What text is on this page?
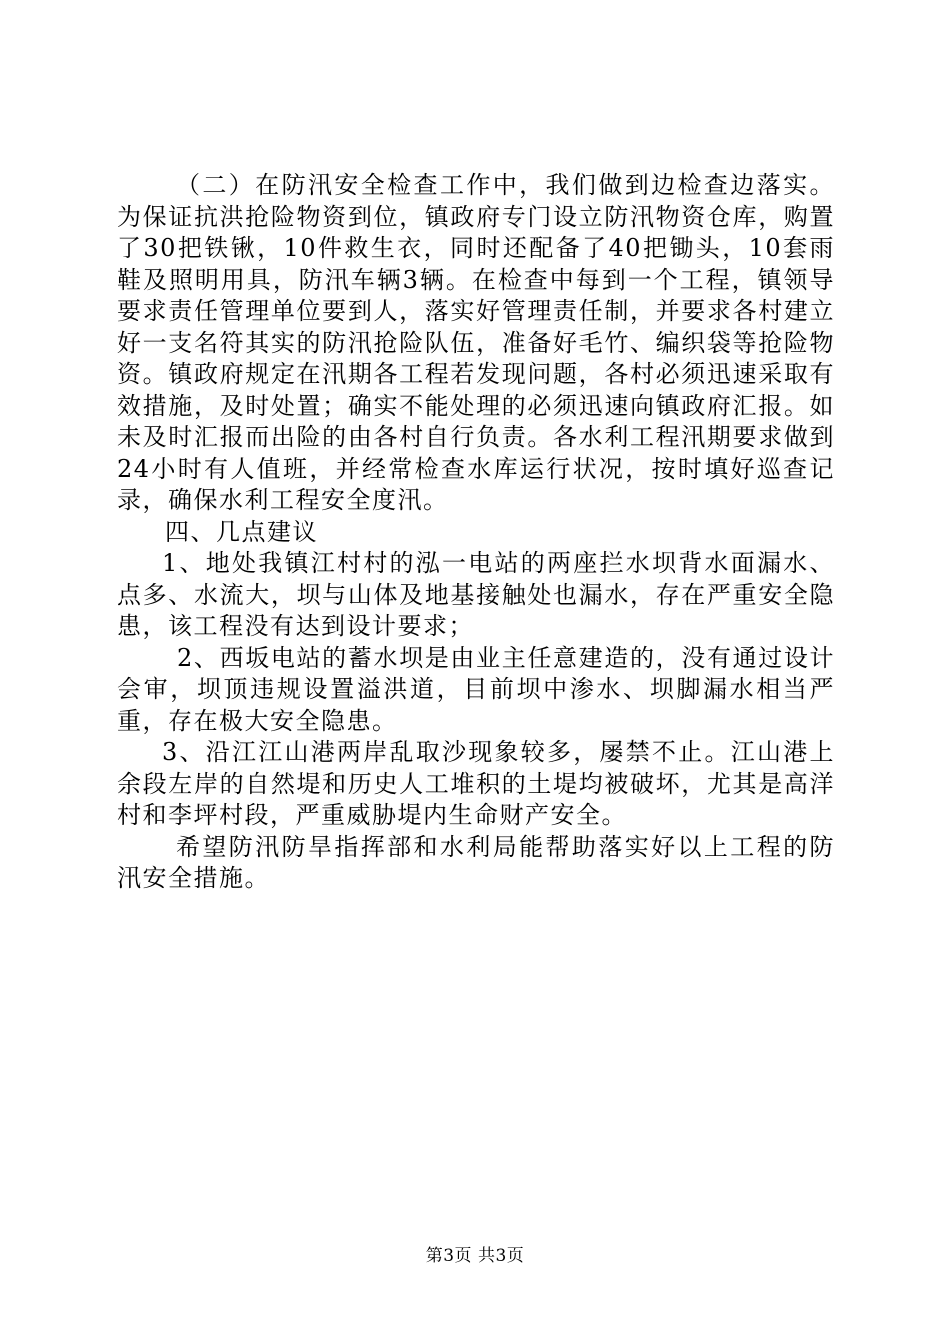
（二）在防汛安全检查工作中，我们做到边检查边落实。为保证抗洪抢险物资到位，镇政府专门设立防汛物资仓库，购置了30把铁锹，10件救生衣，同时还配备了40把锄头，10套雨鞋及照明用具，防汛车辆3辆。在检查中每到一个工程，镇领导要求责任管理单位要到人，落实好管理责任制，并要求各村建立好一支名符其实的防汛抢险队伍，准备好毛竹、编织袋等抢险物资。镇政府规定在汛期各工程若发现问题，各村必须迅速采取有效措施，及时处置；确实不能处理的必须迅速向镇政府汇报。如未及时汇报而出险的由各村自行负责。各水利工程汛期要求做到24小时有人值班，并经常检查水库运行状况，按时填好巡查记录，确保水利工程安全度汛。

四、几点建议

1、地处我镇江村村的泓一电站的两座拦水坝背水面漏水、点多、水流大，坝与山体及地基接触处也漏水，存在严重安全隐患，该工程没有达到设计要求；

2、西坂电站的蓄水坝是由业主任意建造的，没有通过设计会审，坝顶违规设置溢洪道，目前坝中渗水、坝脚漏水相当严重，存在极大安全隐患。

3、沿江江山港两岸乱取沙现象较多，屡禁不止。江山港上余段左岸的自然堤和历史人工堆积的土堤均被破坏，尤其是高洋村和李坪村段，严重威胁堤内生命财产安全。

希望防汛防旱指挥部和水利局能帮助落实好以上工程的防汛安全措施。

第3页 共3页
